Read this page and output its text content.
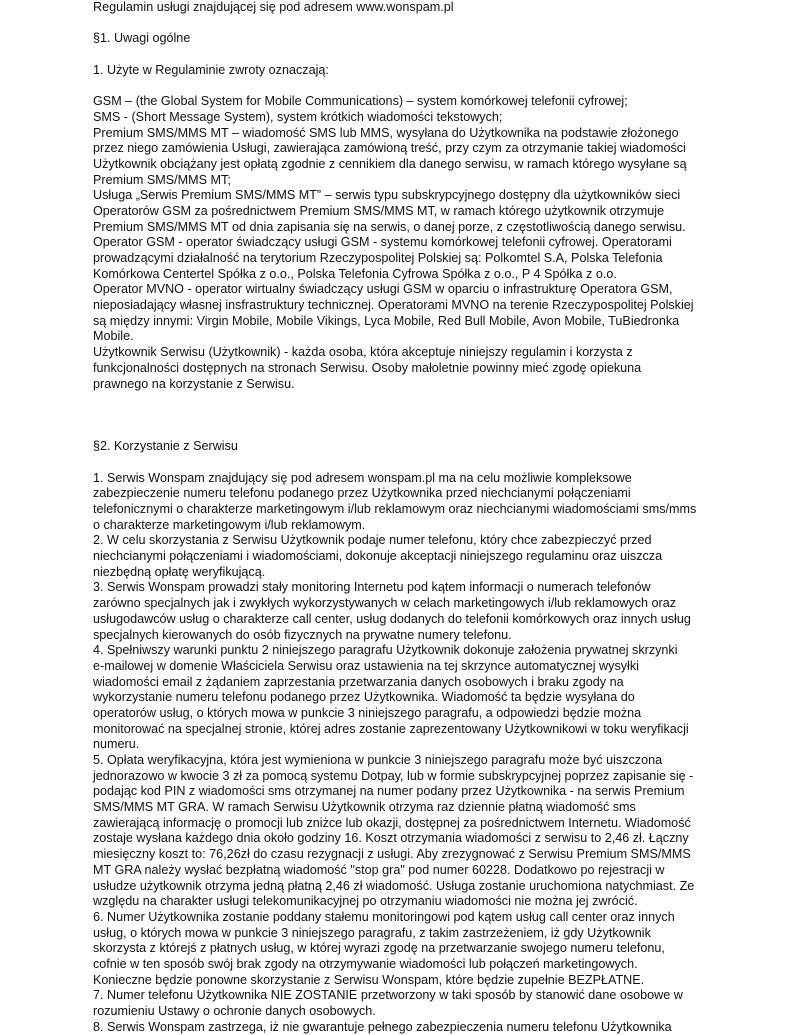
Regulamin usługi znajdującej się pod adresem www.wonspam.pl
§1. Uwagi ogólne
1. Użyte w Regulaminie zwroty oznaczają:
GSM – (the Global System for Mobile Communications) – system komórkowej telefonii cyfrowej;
SMS - (Short Message System), system krótkich wiadomości tekstowych;
Premium SMS/MMS MT – wiadomość SMS lub MMS, wysyłana do Użytkownika na podstawie złożonego
przez niego zamówienia Usługi, zawierająca zamówioną treść, przy czym za otrzymanie takiej wiadomości
Użytkownik obciążany jest opłatą zgodnie z cennikiem dla danego serwisu, w ramach którego wysyłane są
Premium SMS/MMS MT;
Usługa „Serwis Premium SMS/MMS MT” – serwis typu subskrypcyjnego dostępny dla użytkowników sieci
Operatorów GSM za pośrednictwem Premium SMS/MMS MT, w ramach którego użytkownik otrzymuje
Premium SMS/MMS MT od dnia zapisania się na serwis, o danej porze, z częstotliwością danego serwisu.
Operator GSM - operator świadczący usługi GSM - systemu komórkowej telefonii cyfrowej. Operatorami
prowadzącymi działalność na terytorium Rzeczypospolitej Polskiej są: Polkomtel S.A, Polska Telefonia
Komórkowa Centertel Spółka z o.o., Polska Telefonia Cyfrowa Spółka z o.o., P 4 Spółka z o.o.
Operator MVNO - operator wirtualny świadczący usługi GSM w oparciu o infrastrukturę Operatora GSM,
nieposiadający własnej insfrastruktury technicznej. Operatorami MVNO na terenie Rzeczypospolitej Polskiej
są między innymi: Virgin Mobile, Mobile Vikings, Lyca Mobile, Red Bull Mobile, Avon Mobile, TuBiedronka
Mobile.
Użytkownik Serwisu (Użytkownik) - każda osoba, która akceptuje niniejszy regulamin i korzysta z
funkcjonalności dostępnych na stronach Serwisu. Osoby małoletnie powinny mieć zgodę opiekuna
prawnego na korzystanie z Serwisu.
§2. Korzystanie z Serwisu
1. Serwis Wonspam znajdujący się pod adresem wonspam.pl ma na celu możliwie kompleksowe
zabezpieczenie numeru telefonu podanego przez Użytkownika przed niechcianymi połączeniami
telefonicznymi o charakterze marketingowym i/lub reklamowym oraz niechcianymi wiadomościami sms/mms
o charakterze marketingowym i/lub reklamowym.
2. W celu skorzystania z Serwisu Użytkownik podaje numer telefonu, który chce zabezpieczyć przed
niechcianymi połączeniami i wiadomościami, dokonuje akceptacji niniejszego regulaminu oraz uiszcza
niezbędną opłatę weryfikującą.
3. Serwis Wonspam prowadzi stały monitoring Internetu pod kątem informacji o numerach telefonów
zarówno specjalnych jak i zwykłych wykorzystywanych w celach marketingowych i/lub reklamowych oraz
usługodawców usług o charakterze call center, usług dodanych do telefonii komórkowych oraz innych usług
specjalnych kierowanych do osób fizycznych na prywatne numery telefonu.
4. Spełniwszy warunki punktu 2 niniejszego paragrafu Użytkownik dokonuje założenia prywatnej skrzynki
e-mailowej w domenie Właściciela Serwisu oraz ustawienia na tej skrzynce automatycznej wysyłki
wiadomości email z żądaniem zaprzestania przetwarzania danych osobowych i braku zgody na
wykorzystanie numeru telefonu podanego przez Użytkownika. Wiadomość ta będzie wysyłana do
operatorów usług, o których mowa w punkcie 3 niniejszego paragrafu, a odpowiedzi będzie można
monitorować na specjalnej stronie, której adres zostanie zaprezentowany Użytkownikowi w toku weryfikacji
numeru.
5. Opłata weryfikacyjna, która jest wymieniona w punkcie 3 niniejszego paragrafu może być uiszczona
jednorazowo w kwocie 3 zł za pomocą systemu Dotpay, lub w formie subskrypcyjnej poprzez zapisanie się -
podając kod PIN z wiadomości sms otrzymanej na numer podany przez Użytkownika - na serwis Premium
SMS/MMS MT GRA. W ramach Serwisu Użytkownik otrzyma raz dziennie płatną wiadomość sms
zawierającą informację o promocji lub zniżce lub okazji, dostępnej za pośrednictwem Internetu. Wiadomość
zostaje wysłana każdego dnia około godziny 16. Koszt otrzymania wiadomości z serwisu to 2,46 zł. Łączny
miesięczny koszt to: 76,26zł do czasu rezygnacji z usługi. Aby zrezygnować z Serwisu Premium SMS/MMS
MT GRA należy wysłać bezpłatną wiadomość "stop gra" pod numer 60228. Dodatkowo po rejestracji w
usłudze użytkownik otrzyma jedną płatną 2,46 zł wiadomość. Usługa zostanie uruchomiona natychmiast. Ze
względu na charakter usługi telekomunikacyjnej po otrzymaniu wiadomości nie można jej zwrócić.
6. Numer Użytkownika zostanie poddany stałemu monitoringowi pod kątem usług call center oraz innych
usług, o których mowa w punkcie 3 niniejszego paragrafu, z takim zastrzeżeniem, iż gdy Użytkownik
skorzysta z którejś z płatnych usług, w której wyrazi zgodę na przetwarzanie swojego numeru telefonu,
cofnie w ten sposób swój brak zgody na otrzymywanie wiadomości lub połączeń marketingowych.
Konieczne będzie ponowne skorzystanie z Serwisu Wonspam, które będzie zupełnie BEZPŁATNE.
7. Numer telefonu Użytkownika NIE ZOSTANIE przetworzony w taki sposób by stanowić dane osobowe w
rozumieniu Ustawy o ochronie danych osobowych.
8. Serwis Wonspam zastrzega, iż nie gwarantuje pełnego zabezpieczenia numeru telefonu Użytkownika
